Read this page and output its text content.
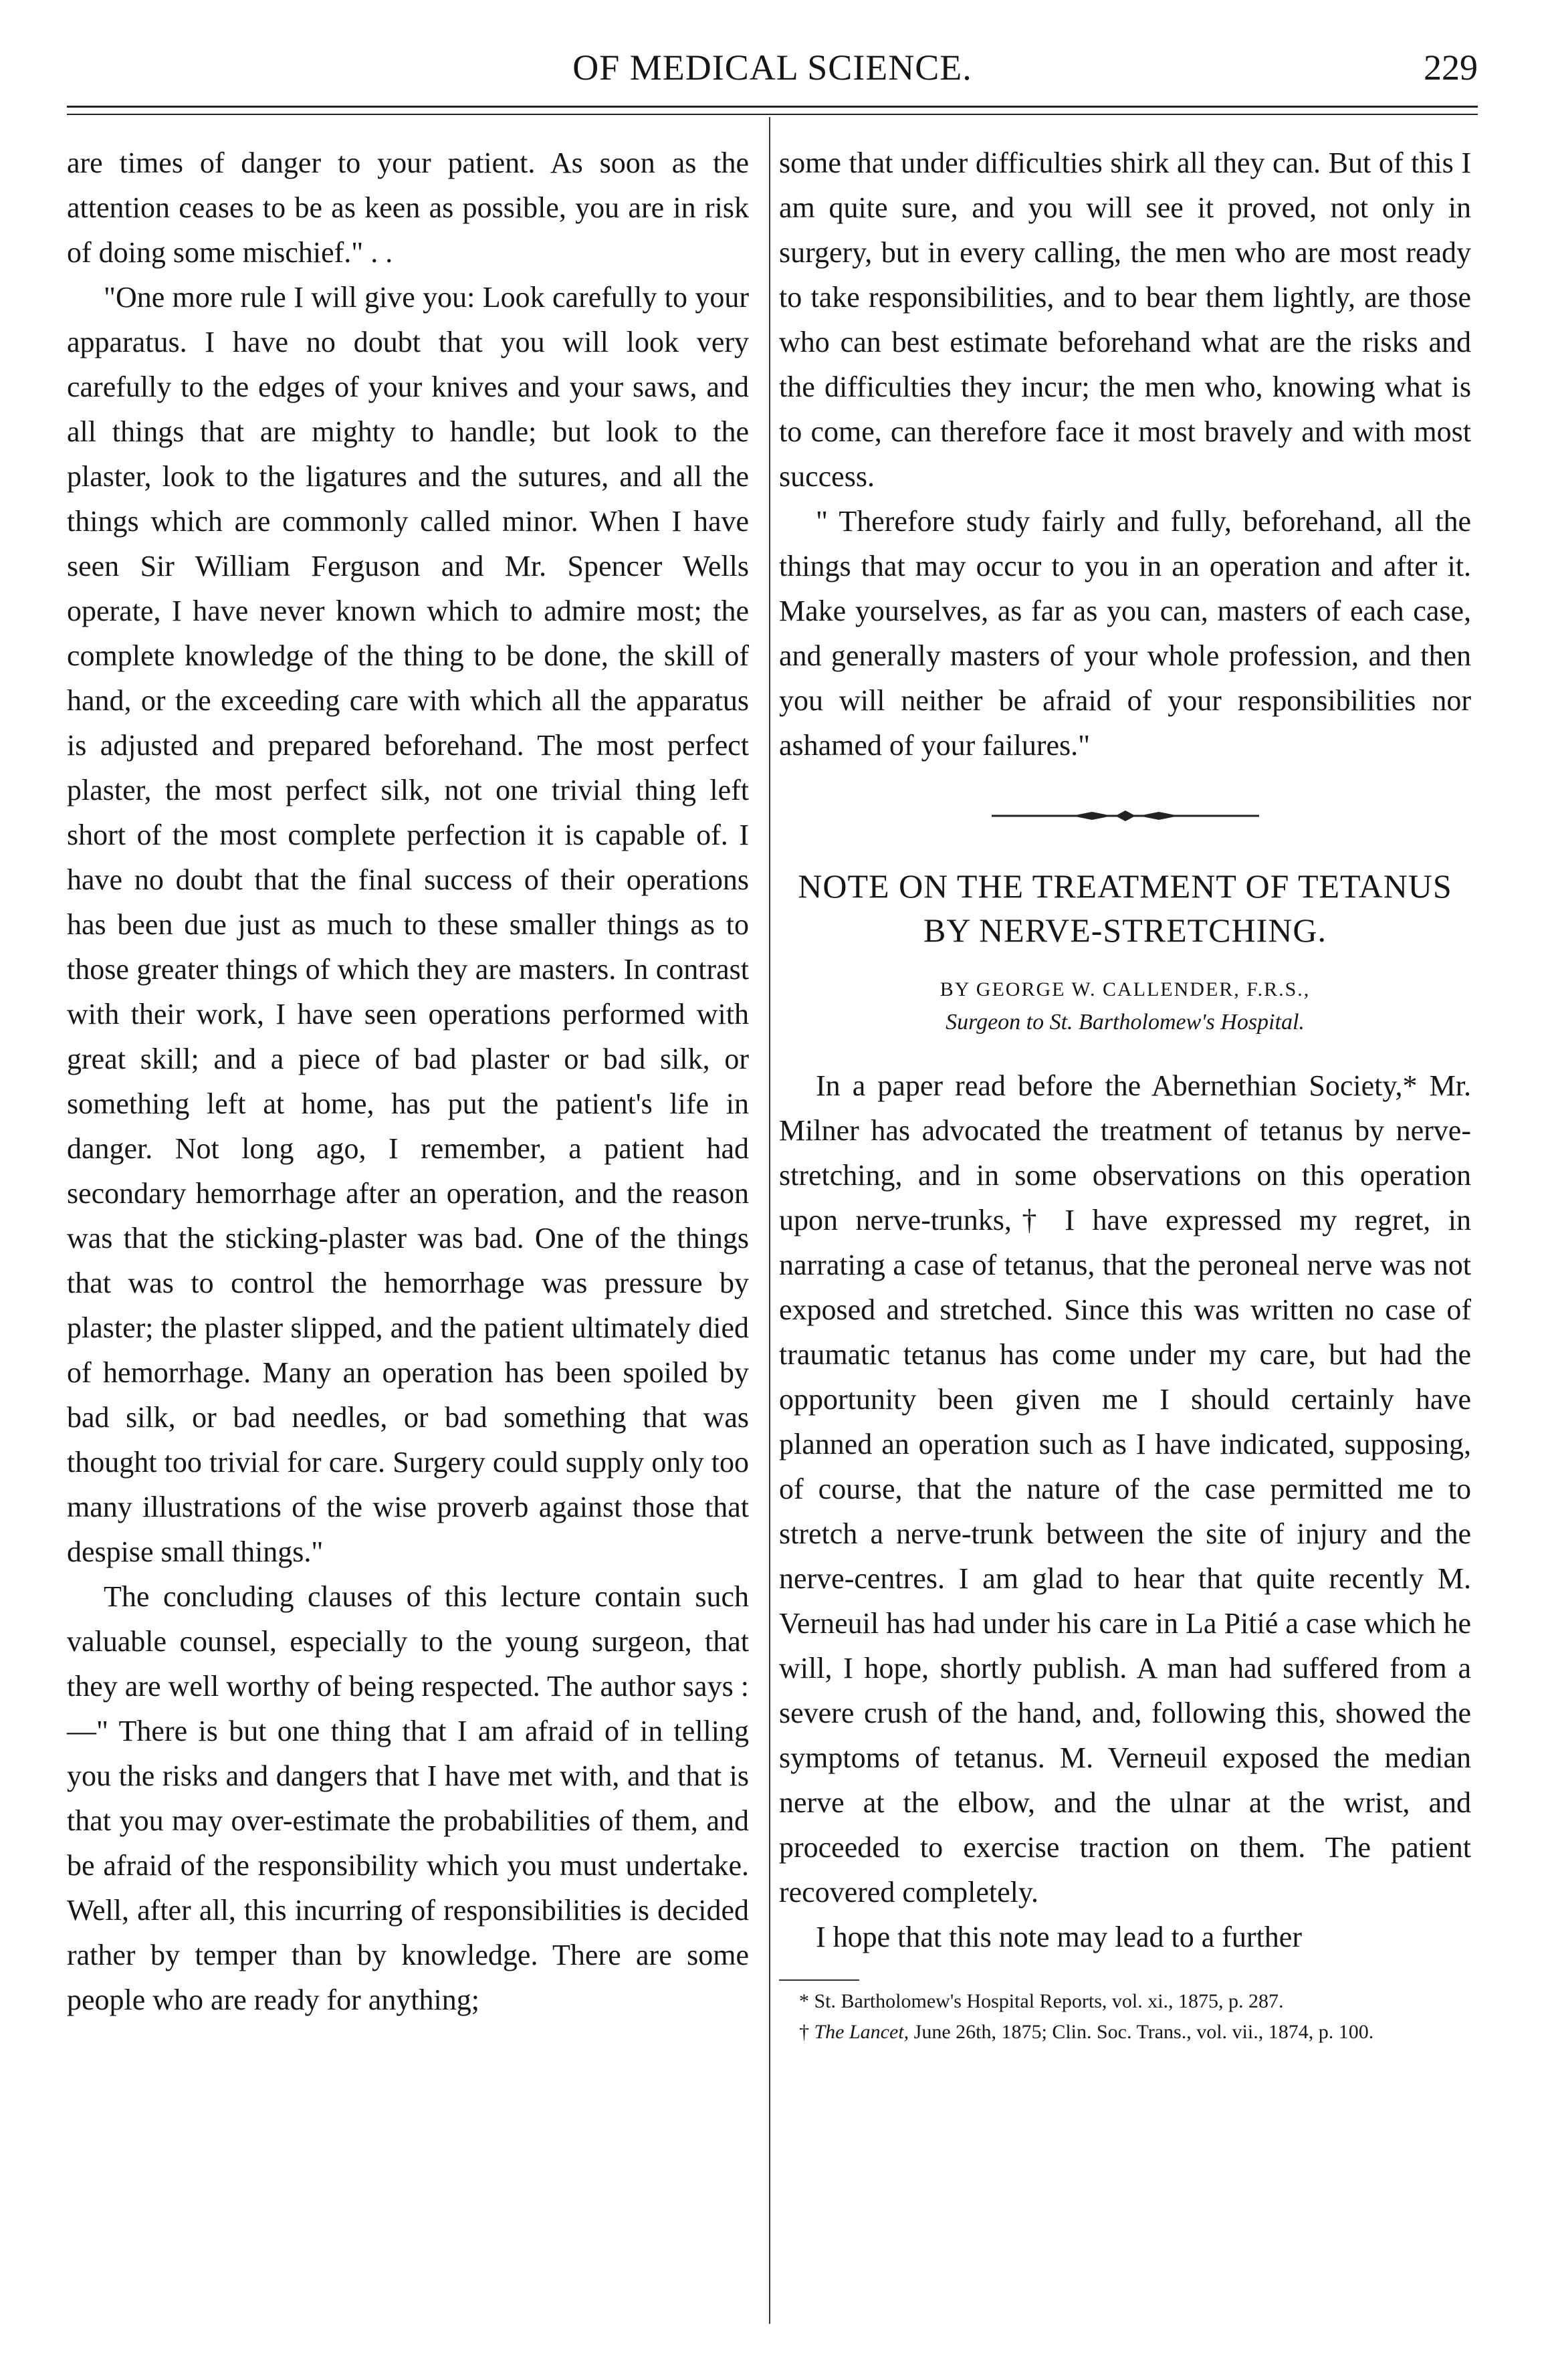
OF MEDICAL SCIENCE.	229

are times of danger to your patient. As soon as the attention ceases to be as keen as possible, you are in risk of doing some mischief." . .

"One more rule I will give you: Look carefully to your apparatus. I have no doubt that you will look very carefully to the edges of your knives and your saws, and all things that are mighty to handle; but look to the plaster, look to the ligatures and the sutures, and all the things which are commonly called minor. When I have seen Sir William Ferguson and Mr. Spencer Wells operate, I have never known which to admire most; the complete knowledge of the thing to be done, the skill of hand, or the exceeding care with which all the apparatus is adjusted and prepared beforehand. The most perfect plaster, the most perfect silk, not one trivial thing left short of the most complete perfection it is capable of. I have no doubt that the final success of their operations has been due just as much to these smaller things as to those greater things of which they are masters. In contrast with their work, I have seen operations performed with great skill; and a piece of bad plaster or bad silk, or something left at home, has put the patient's life in danger. Not long ago, I remember, a patient had secondary hemorrhage after an operation, and the reason was that the sticking-plaster was bad. One of the things that was to control the hemorrhage was pressure by plaster; the plaster slipped, and the patient ultimately died of hemorrhage. Many an operation has been spoiled by bad silk, or bad needles, or bad something that was thought too trivial for care. Surgery could supply only too many illustrations of the wise proverb against those that despise small things."

The concluding clauses of this lecture contain such valuable counsel, especially to the young surgeon, that they are well worthy of being respected. The author says :—" There is but one thing that I am afraid of in telling you the risks and dangers that I have met with, and that is that you may over-estimate the probabilities of them, and be afraid of the responsibility which you must undertake. Well, after all, this incurring of responsibilities is decided rather by temper than by knowledge. There are some people who are ready for anything;

some that under difficulties shirk all they can. But of this I am quite sure, and you will see it proved, not only in surgery, but in every calling, the men who are most ready to take responsibilities, and to bear them lightly, are those who can best estimate beforehand what are the risks and the difficulties they incur; the men who, knowing what is to come, can therefore face it most bravely and with most success.

" Therefore study fairly and fully, beforehand, all the things that may occur to you in an operation and after it. Make yourselves, as far as you can, masters of each case, and generally masters of your whole profession, and then you will neither be afraid of your responsibilities nor ashamed of your failures."

NOTE ON THE TREATMENT OF TETANUS BY NERVE-STRETCHING.
BY GEORGE W. CALLENDER, F.R.S.,
Surgeon to St. Bartholomew's Hospital.

In a paper read before the Abernethian Society,* Mr. Milner has advocated the treatment of tetanus by nerve-stretching, and in some observations on this operation upon nerve-trunks,† I have expressed my regret, in narrating a case of tetanus, that the peroneal nerve was not exposed and stretched. Since this was written no case of traumatic tetanus has come under my care, but had the opportunity been given me I should certainly have planned an operation such as I have indicated, supposing, of course, that the nature of the case permitted me to stretch a nerve-trunk between the site of injury and the nerve-centres. I am glad to hear that quite recently M. Verneuil has had under his care in La Pitié a case which he will, I hope, shortly publish. A man had suffered from a severe crush of the hand, and, following this, showed the symptoms of tetanus. M. Verneuil exposed the median nerve at the elbow, and the ulnar at the wrist, and proceeded to exercise traction on them. The patient recovered completely.

I hope that this note may lead to a further

* St. Bartholomew's Hospital Reports, vol. xi., 1875, p. 287.

† The Lancet, June 26th, 1875; Clin. Soc. Trans., vol. vii., 1874, p. 100.
